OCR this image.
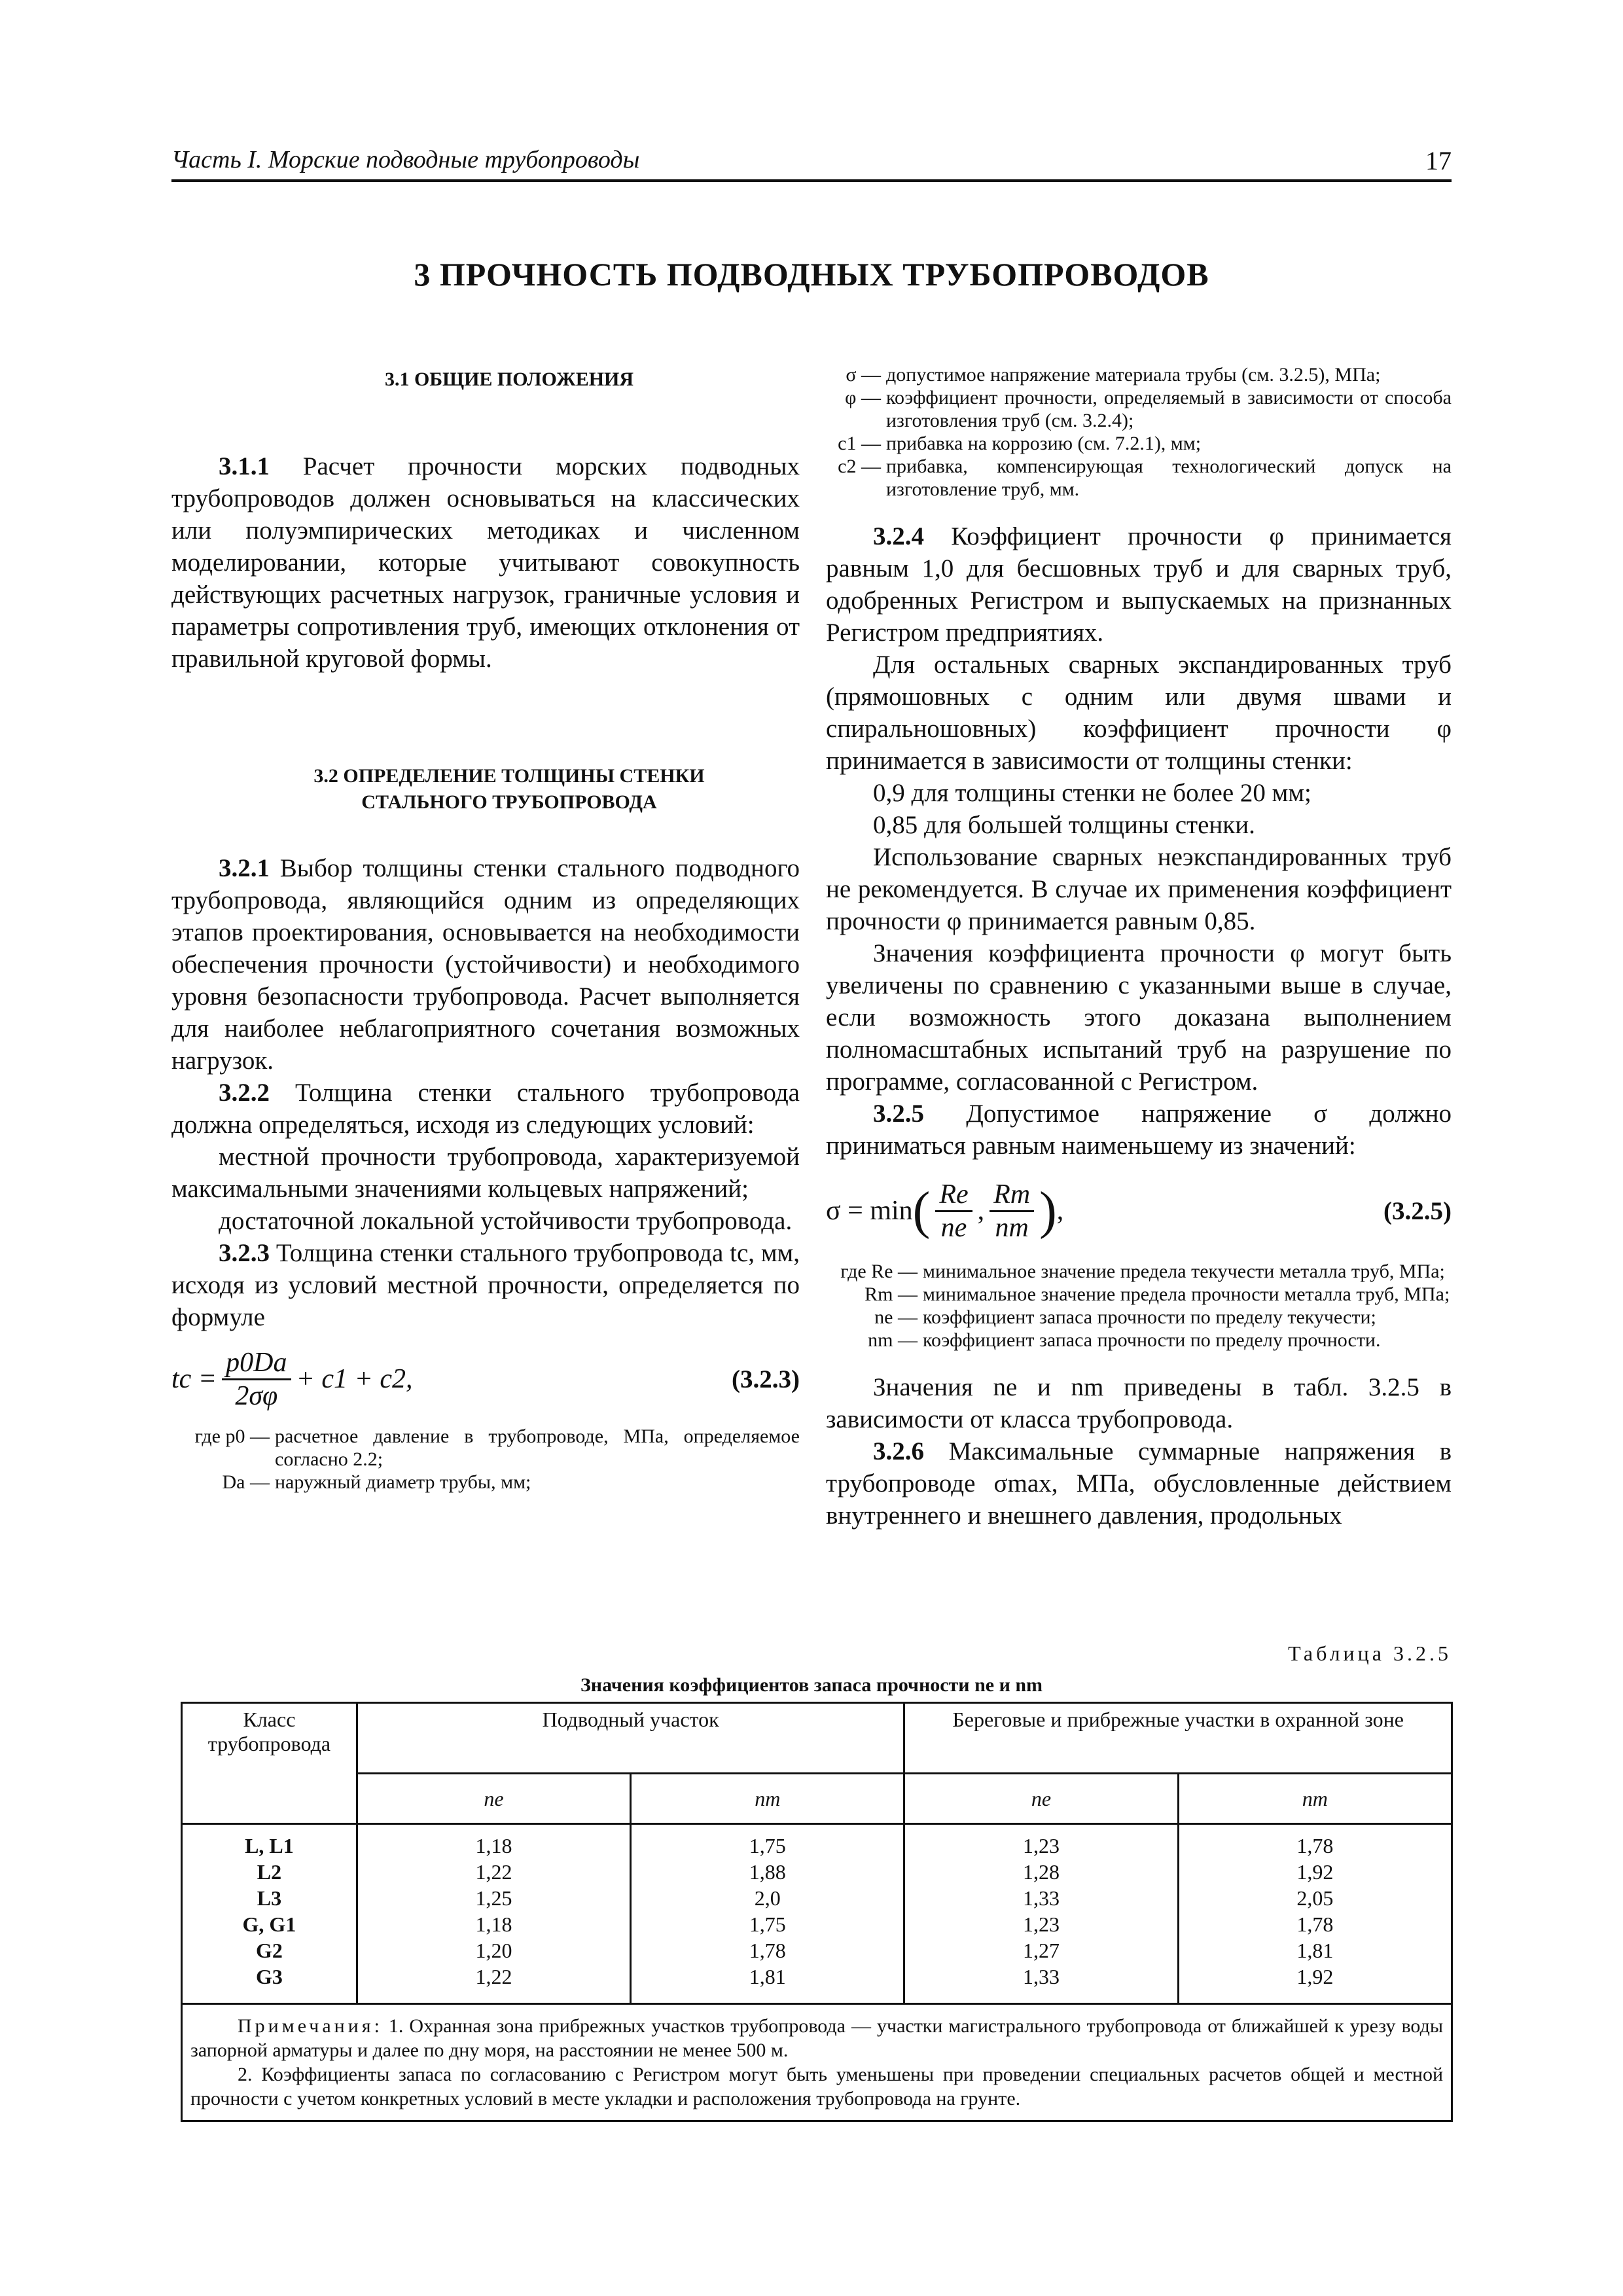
Часть I. Морские подводные трубопроводы	17
3 ПРОЧНОСТЬ ПОДВОДНЫХ ТРУБОПРОВОДОВ

3.1 ОБЩИЕ ПОЛОЖЕНИЯ

3.1.1 Расчет прочности морских подводных трубопроводов должен основываться на классических или полуэмпирических методиках и численном моделировании, которые учитывают совокупность действующих расчетных нагрузок, граничные условия и параметры сопротивления труб, имеющих отклонения от правильной круговой формы.

3.2 ОПРЕДЕЛЕНИЕ ТОЛЩИНЫ СТЕНКИ

СТАЛЬНОГО ТРУБОПРОВОДА

3.2.1 Выбор толщины стенки стального подводного трубопровода, являющийся одним из определяющих этапов проектирования, основывается на необходимости обеспечения прочности (устойчивости) и необходимого уровня безопасности трубопровода. Расчет выполняется для наиболее неблагоприятного сочетания возможных нагрузок.

3.2.2 Толщина стенки стального трубопровода должна определяться, исходя из следующих условий:

местной прочности трубопровода, характеризуемой максимальными значениями кольцевых напряжений;

достаточной локальной устойчивости трубопровода.

3.2.3 Толщина стенки стального трубопровода tc, мм, исходя из условий местной прочности, определяется по формуле

tc = $\frac{p0Da}{2\sigma\varphi} + c1 + c2$,	(3.2.3)
где p0 — расчетное давление в трубопроводе, МПа, определяемое согласно 2.2;
Da — наружный диаметр трубы, мм;
σ — допустимое напряжение материала трубы (см. 3.2.5), МПа;
φ — коэффициент прочности, определяемый в зависимости от способа изготовления труб (см. 3.2.4);
c1 — прибавка на коррозию (см. 7.2.1), мм;
c2 — прибавка, компенсирующая технологический допуск на изготовление труб, мм.

3.2.4 Коэффициент прочности φ принимается равным 1,0 для бесшовных труб и для сварных труб, одобренных Регистром и выпускаемых на признанных Регистром предприятиях.

Для остальных сварных экспандированных труб (прямошовных с одним или двумя швами и спиральношовных) коэффициент прочности φ принимается в зависимости от толщины стенки:

0,9 для толщины стенки не более 20 мм;

0,85 для большей толщины стенки.

Использование сварных неэкспандированных труб не рекомендуется. В случае их применения коэффициент прочности φ принимается равным 0,85.

Значения коэффициента прочности φ могут быть увеличены по сравнению с указанными выше в случае, если возможность этого доказана выполнением полномасштабных испытаний труб на разрушение по программе, согласованной с Регистром.

3.2.5 Допустимое напряжение σ должно приниматься равным наименьшему из значений:

σ = min ( $\frac{Re}{ne}$ , $\frac{Rm}{nm}$ ) ,	(3.2.5)
где Re — минимальное значение предела текучести металла труб, МПа;
Rm — минимальное значение предела прочности металла труб, МПа;
ne — коэффициент запаса прочности по пределу текучести;
nm — коэффициент запаса прочности по пределу прочности.

Значения ne и nm приведены в табл. 3.2.5 в зависимости от класса трубопровода.

3.2.6 Максимальные суммарные напряжения в трубопроводе σmax, МПа, обусловленные действием внутреннего и внешнего давления, продольных

Таблица 3.2.5
Значения коэффициентов запаса прочности ne и nm
Класс трубопровода	Подводный участок		Береговые и прибрежные участки в охранной зоне	
	ne	nm	ne	nm
L, L1	1,18	1,75	1,23	1,78
L2	1,22	1,88	1,28	1,92
L3	1,25	2,0	1,33	2,05
G, G1	1,18	1,75	1,23	1,78
G2	1,20	1,78	1,27	1,81
G3	1,22	1,81	1,33	1,92

Примечания: 1. Охранная зона прибрежных участков трубопровода — участки магистрального трубопровода от ближайшей к урезу воды запорной арматуры и далее по дну моря, на расстоянии не менее 500 м.
2. Коэффициенты запаса по согласованию с Регистром могут быть уменьшены при проведении специальных расчетов общей и местной прочности с учетом конкретных условий в месте укладки и расположения трубопровода на грунте.				
